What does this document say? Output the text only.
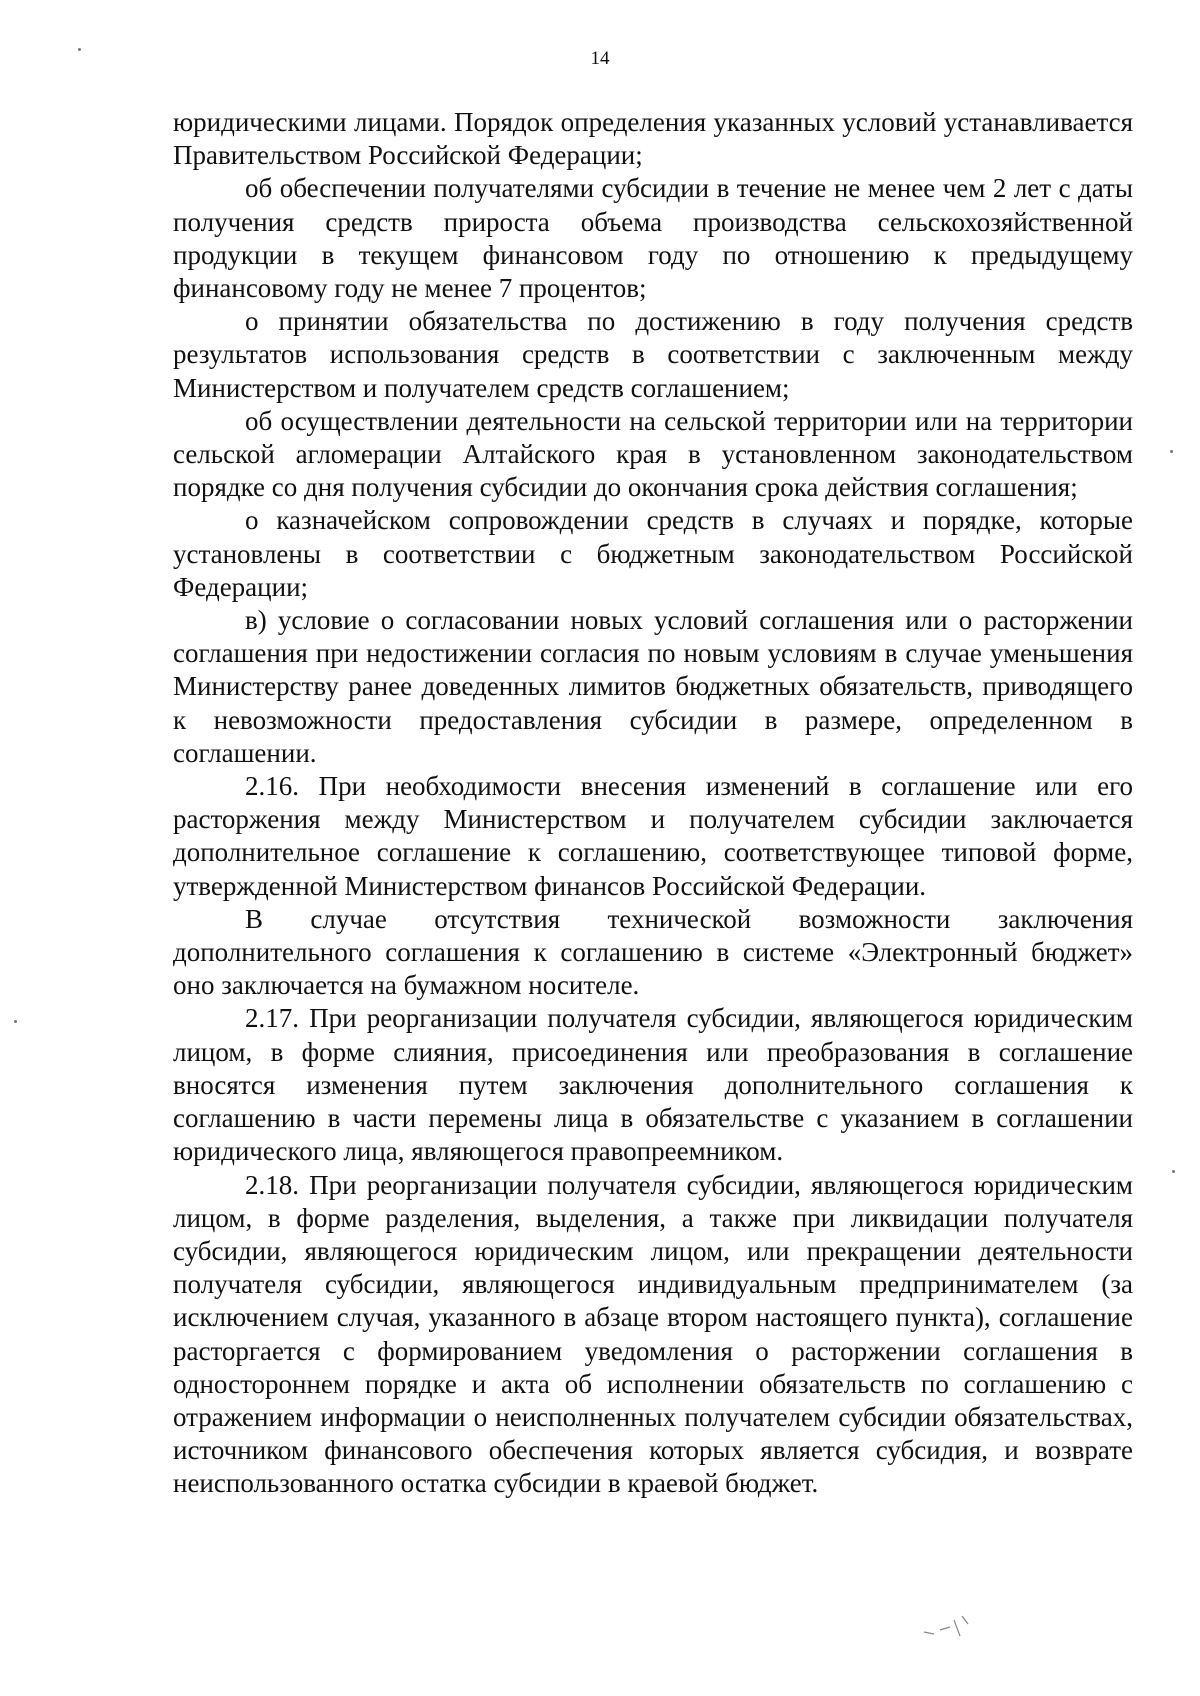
14

юридическими лицами. Порядок определения указанных условий устанавливается Правительством Российской Федерации;

об обеспечении получателями субсидии в течение не менее чем 2 лет с даты получения средств прироста объема производства сельскохозяйственной продукции в текущем финансовом году по отношению к предыдущему финансовому году не менее 7 процентов;

о принятии обязательства по достижению в году получения средств результатов использования средств в соответствии с заключенным между Министерством и получателем средств соглашением;

об осуществлении деятельности на сельской территории или на территории сельской агломерации Алтайского края в установленном законодательством порядке со дня получения субсидии до окончания срока действия соглашения;

о казначейском сопровождении средств в случаях и порядке, которые установлены в соответствии с бюджетным законодательством Российской Федерации;

в) условие о согласовании новых условий соглашения или о расторжении соглашения при недостижении согласия по новым условиям в случае уменьшения Министерству ранее доведенных лимитов бюджетных обязательств, приводящего к невозможности предоставления субсидии в размере, определенном в соглашении.

2.16. При необходимости внесения изменений в соглашение или его расторжения между Министерством и получателем субсидии заключается дополнительное соглашение к соглашению, соответствующее типовой форме, утвержденной Министерством финансов Российской Федерации.

В случае отсутствия технической возможности заключения дополнительного соглашения к соглашению в системе «Электронный бюджет» оно заключается на бумажном носителе.

2.17. При реорганизации получателя субсидии, являющегося юридическим лицом, в форме слияния, присоединения или преобразования в соглашение вносятся изменения путем заключения дополнительного соглашения к соглашению в части перемены лица в обязательстве с указанием в соглашении юридического лица, являющегося правопреемником.

2.18. При реорганизации получателя субсидии, являющегося юридическим лицом, в форме разделения, выделения, а также при ликвидации получателя субсидии, являющегося юридическим лицом, или прекращении деятельности получателя субсидии, являющегося индивидуальным предпринимателем (за исключением случая, указанного в абзаце втором настоящего пункта), соглашение расторгается с формированием уведомления о расторжении соглашения в одностороннем порядке и акта об исполнении обязательств по соглашению с отражением информации о неисполненных получателем субсидии обязательствах, источником финансового обеспечения которых является субсидия, и возврате неиспользованного остатка субсидии в краевой бюджет.
